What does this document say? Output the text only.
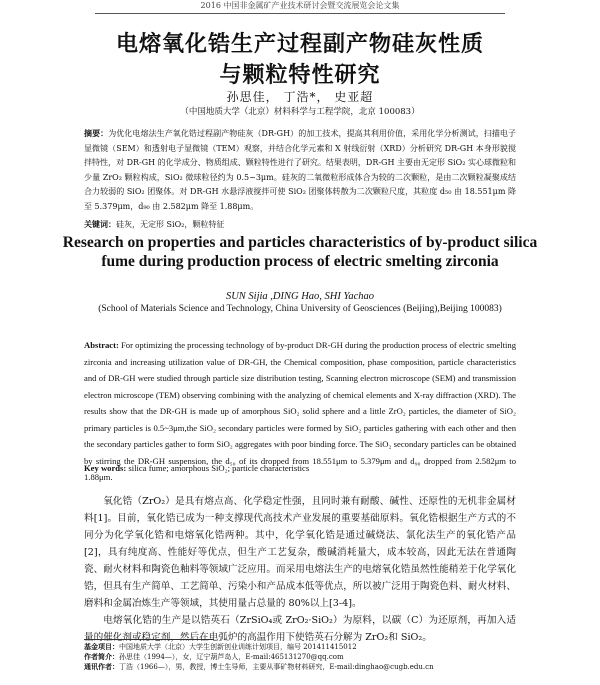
2016 中国非金属矿产业技术研讨会暨交流展览会论文集
电熔氧化锆生产过程副产物硅灰性质
与颗粒特性研究
孙思佳， 丁浩*， 史亚超
（中国地质大学（北京）材料科学与工程学院，北京 100083）
摘要：为优化电熔法生产氧化锆过程副产物硅灰（DR-GH）的加工技术，提高其利用价值，采用化学分析测试，扫描电子显微镜（SEM）和透射电子显微镜（TEM）观察，并结合化学元素和 X 射线衍射（XRD）分析研究 DR-GH 本身形貌搅拌特性，对 DR-GH 的化学成分、物质组成、颗粒特性进行了研究。结果表明，DR-GH 主要由无定形 SiO₂ 实心球微粒和少量 ZrO₂ 颗粒构成，SiO₂ 微球粒径约为 0.5~3μm。硅灰的二氧微粒形成体合为较的二次颗粒，是由二次颗粒凝聚成结合力较弱的 SiO₂ 团聚体。对 DR-GH 水悬浮液搅拌可使 SiO₂ 团聚体转散为二次颗粒尺度，其粒度 d₅₀ 由 18.551μm 降至 5.379μm，d₉₀ 由 2.582μm 降至 1.88μm。
关键词：硅灰，无定形 SiO₂，颗粒特征
Research on properties and particles characteristics of by-product silica
fume during production process of electric smelting zirconia
SUN Sijia ,DING Hao, SHI Yachao
(School of Materials Science and Technology, China University of Geosciences (Beijing),Beijing 100083)
Abstract: For optimizing the processing technology of by-product DR-GH during the production process of electric smelting zirconia and increasing utilization value of DR-GH, the Chemical composition, phase composition, particle characteristics and of DR-GH were studied through particle size distribution testing, Scanning electron microscope (SEM) and transmission electron microscope (TEM) observing combining with the analyzing of chemical elements and X-ray diffraction (XRD). The results show that the DR-GH is made up of amorphous SiO₂ solid sphere and a little ZrO₂ particles, the diameter of SiO₂ primary particles is 0.5~3μm,the SiO₂ secondary particles were formed by SiO₂ particles gathering with each other and then the secondary particles gather to form SiO₂ aggregates with poor binding force. The SiO₂ secondary particles can be obtained by stirring the DR-GH suspension, the d₅₀ of its dropped from 18.551μm to 5.379μm and d₉₀ dropped from 2.582μm to 1.88μm.
Key words: silica fume; amorphous SiO₂; particle characteristics

氧化锆（ZrO₂）是具有熔点高、化学稳定性强，且同时兼有耐酸、碱性、还原性的无机非金属材料[1]。目前，氧化锆已成为一种支撑现代高技术产业发展的重要基础原料。氧化锆根据生产方式的不同分为化学氧化锆和电熔氧化锆两种。其中，化学氧化锆是通过碱烧法、氯化法生产的氧化锆产品[2]，具有纯度高、性能好等优点，但生产工艺复杂，酸碱消耗量大，成本较高，因此无法在普通陶瓷、耐火材料和陶瓷色釉料等领域广泛应用。而采用电熔法生产的电熔氧化锆虽然性能稍差于化学氧化锆，但具有生产简单、工艺简单、污染小和产品成本低等优点，所以被广泛用于陶瓷色料、耐火材料、磨料和金属冶炼生产等领域，其使用量占总量的 80%以上[3-4]。

电熔氧化锆的生产是以锆英石（ZrSiO₄或 ZrO₂·SiO₂）为原料，以碳（C）为还原剂，再加入适量的催化剂或稳定剂，然后在电弧炉的高温作用下使锆英石分解为 ZrO₂和 SiO₂。

基金项目：中国地质大学（北京）大学生创新创业训练计划项目，编号 201411415012
作者简介：孙思佳（1994—），女，辽宁葫芦岛人，E-mail:465131270@qq.com
通讯作者：丁浩（1966—），男，教授，博士生导师，主要从事矿物材料研究，E-mail:dinghao@cugb.edu.cn
